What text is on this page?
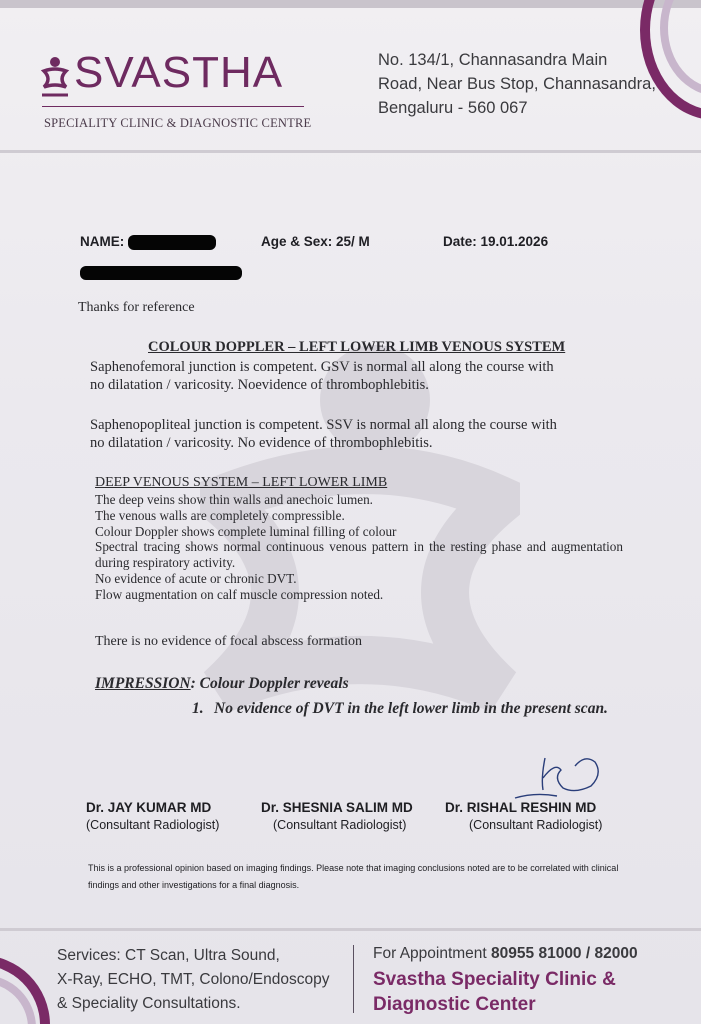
SVASTHA
SPECIALITY CLINIC & DIAGNOSTIC CENTRE
No. 134/1, Channasandra Main
Road, Near Bus Stop, Channasandra,
Bengaluru - 560 067
NAME:	Age & Sex: 25/ M	Date: 19.01.2026
Thanks for reference
COLOUR DOPPLER – LEFT LOWER LIMB VENOUS SYSTEM
Saphenofemoral junction is competent. GSV is normal all along the course with no dilatation / varicosity. Noevidence of thrombophlebitis.
Saphenopopliteal junction is competent. SSV is normal all along the course with no dilatation / varicosity. No evidence of thrombophlebitis.
DEEP VENOUS SYSTEM – LEFT LOWER LIMB
The deep veins show thin walls and anechoic lumen.
The venous walls are completely compressible.
Colour Doppler shows complete luminal filling of colour
Spectral tracing shows normal continuous venous pattern in the resting phase and augmentation during respiratory activity.
No evidence of acute or chronic DVT.
Flow augmentation on calf muscle compression noted.
There is no evidence of focal abscess formation
IMPRESSION: Colour Doppler reveals
1. No evidence of DVT in the left lower limb in the present scan.
Dr. JAY KUMAR MD
(Consultant Radiologist)
Dr. SHESNIA SALIM MD
(Consultant Radiologist)
Dr. RISHAL RESHIN MD
(Consultant Radiologist)
This is a professional opinion based on imaging findings. Please note that imaging conclusions noted are to be correlated with clinical findings and other investigations for a final diagnosis.
Services: CT Scan, Ultra Sound,
X-Ray, ECHO, TMT, Colono/Endoscopy
& Speciality Consultations.
For Appointment 80955 81000 / 82000
Svastha Speciality Clinic &
Diagnostic Center
